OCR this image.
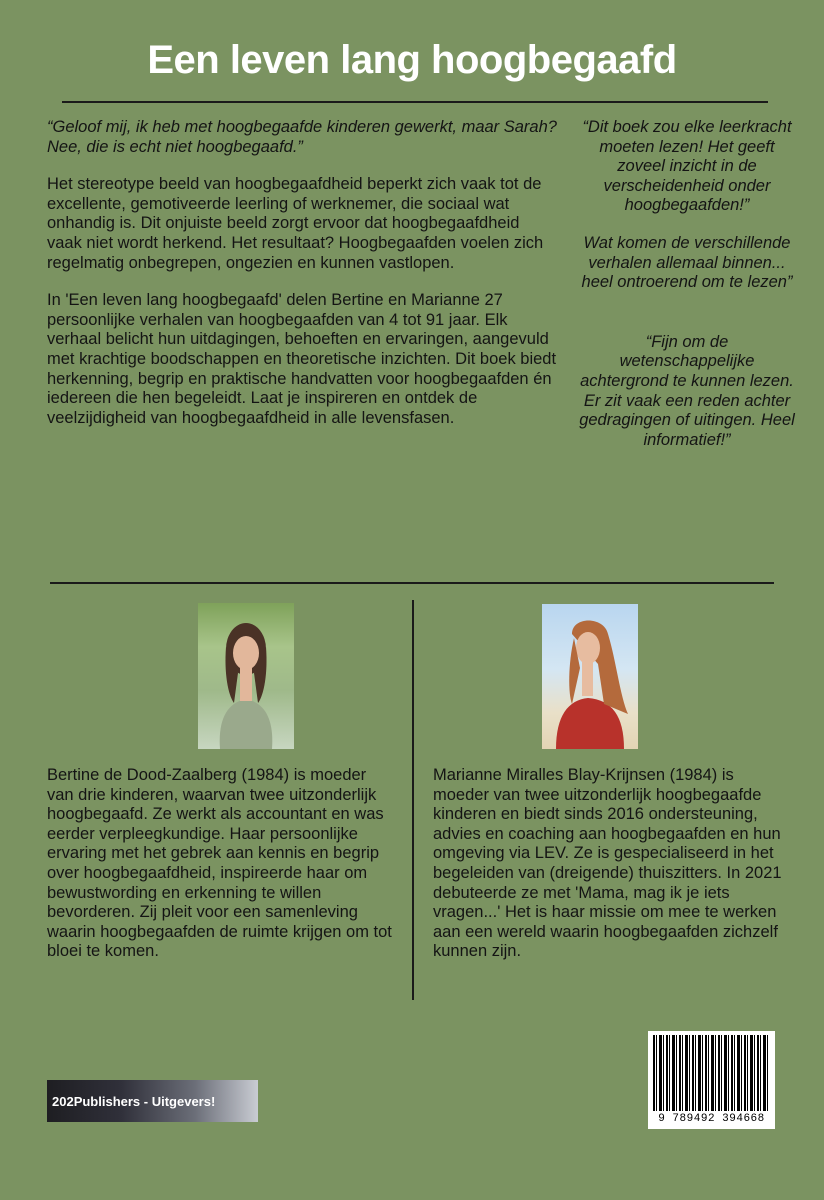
Een leven lang hoogbegaafd

“Geloof mij, ik heb met hoogbegaafde kinderen gewerkt, maar Sarah? Nee, die is echt niet hoogbegaafd.”

Het stereotype beeld van hoogbegaafdheid beperkt zich vaak tot de excellente, gemotiveerde leerling of werknemer, die sociaal wat onhandig is. Dit onjuiste beeld zorgt ervoor dat hoogbegaafdheid vaak niet wordt herkend. Het resultaat? Hoogbegaafden voelen zich regelmatig onbegrepen, ongezien en kunnen vastlopen.

In 'Een leven lang hoogbegaafd' delen Bertine en Marianne 27 persoonlijke verhalen van hoogbegaafden van 4 tot 91 jaar. Elk verhaal belicht hun uitdagingen, behoeften en ervaringen, aangevuld met krachtige boodschappen en theoretische inzichten. Dit boek biedt herkenning, begrip en praktische handvatten voor hoogbegaafden én iedereen die hen begeleidt. Laat je inspireren en ontdek de veelzijdigheid van hoogbegaafdheid in alle levensfasen.

“Dit boek zou elke leerkracht moeten lezen! Het geeft zoveel inzicht in de verscheidenheid onder hoogbegaafden!”

Wat komen de verschillende verhalen allemaal binnen... heel ontroerend om te lezen”

“Fijn om de wetenschappelijke achtergrond te kunnen lezen. Er zit vaak een reden achter gedragingen of uitingen. Heel informatief!”

Bertine de Dood-Zaalberg (1984) is moeder van drie kinderen, waarvan twee uitzonderlijk hoogbegaafd. Ze werkt als accountant en was eerder verpleegkundige. Haar persoonlijke ervaring met het gebrek aan kennis en begrip over hoogbegaafdheid, inspireerde haar om bewustwording en erkenning te willen bevorderen. Zij pleit voor een samenleving waarin hoogbegaafden de ruimte krijgen om tot bloei te komen.
Marianne Miralles Blay-Krijnsen (1984) is moeder van twee uitzonderlijk hoogbegaafde kinderen en biedt sinds 2016 ondersteuning, advies en coaching aan hoogbegaafden en hun omgeving via LEV. Ze is gespecialiseerd in het begeleiden van (dreigende) thuiszitters. In 2021 debuteerde ze met 'Mama, mag ik je iets vragen...' Het is haar missie om mee te werken aan een wereld waarin hoogbegaafden zichzelf kunnen zijn.
202Publishers - Uitgevers!
9 789492 394668
